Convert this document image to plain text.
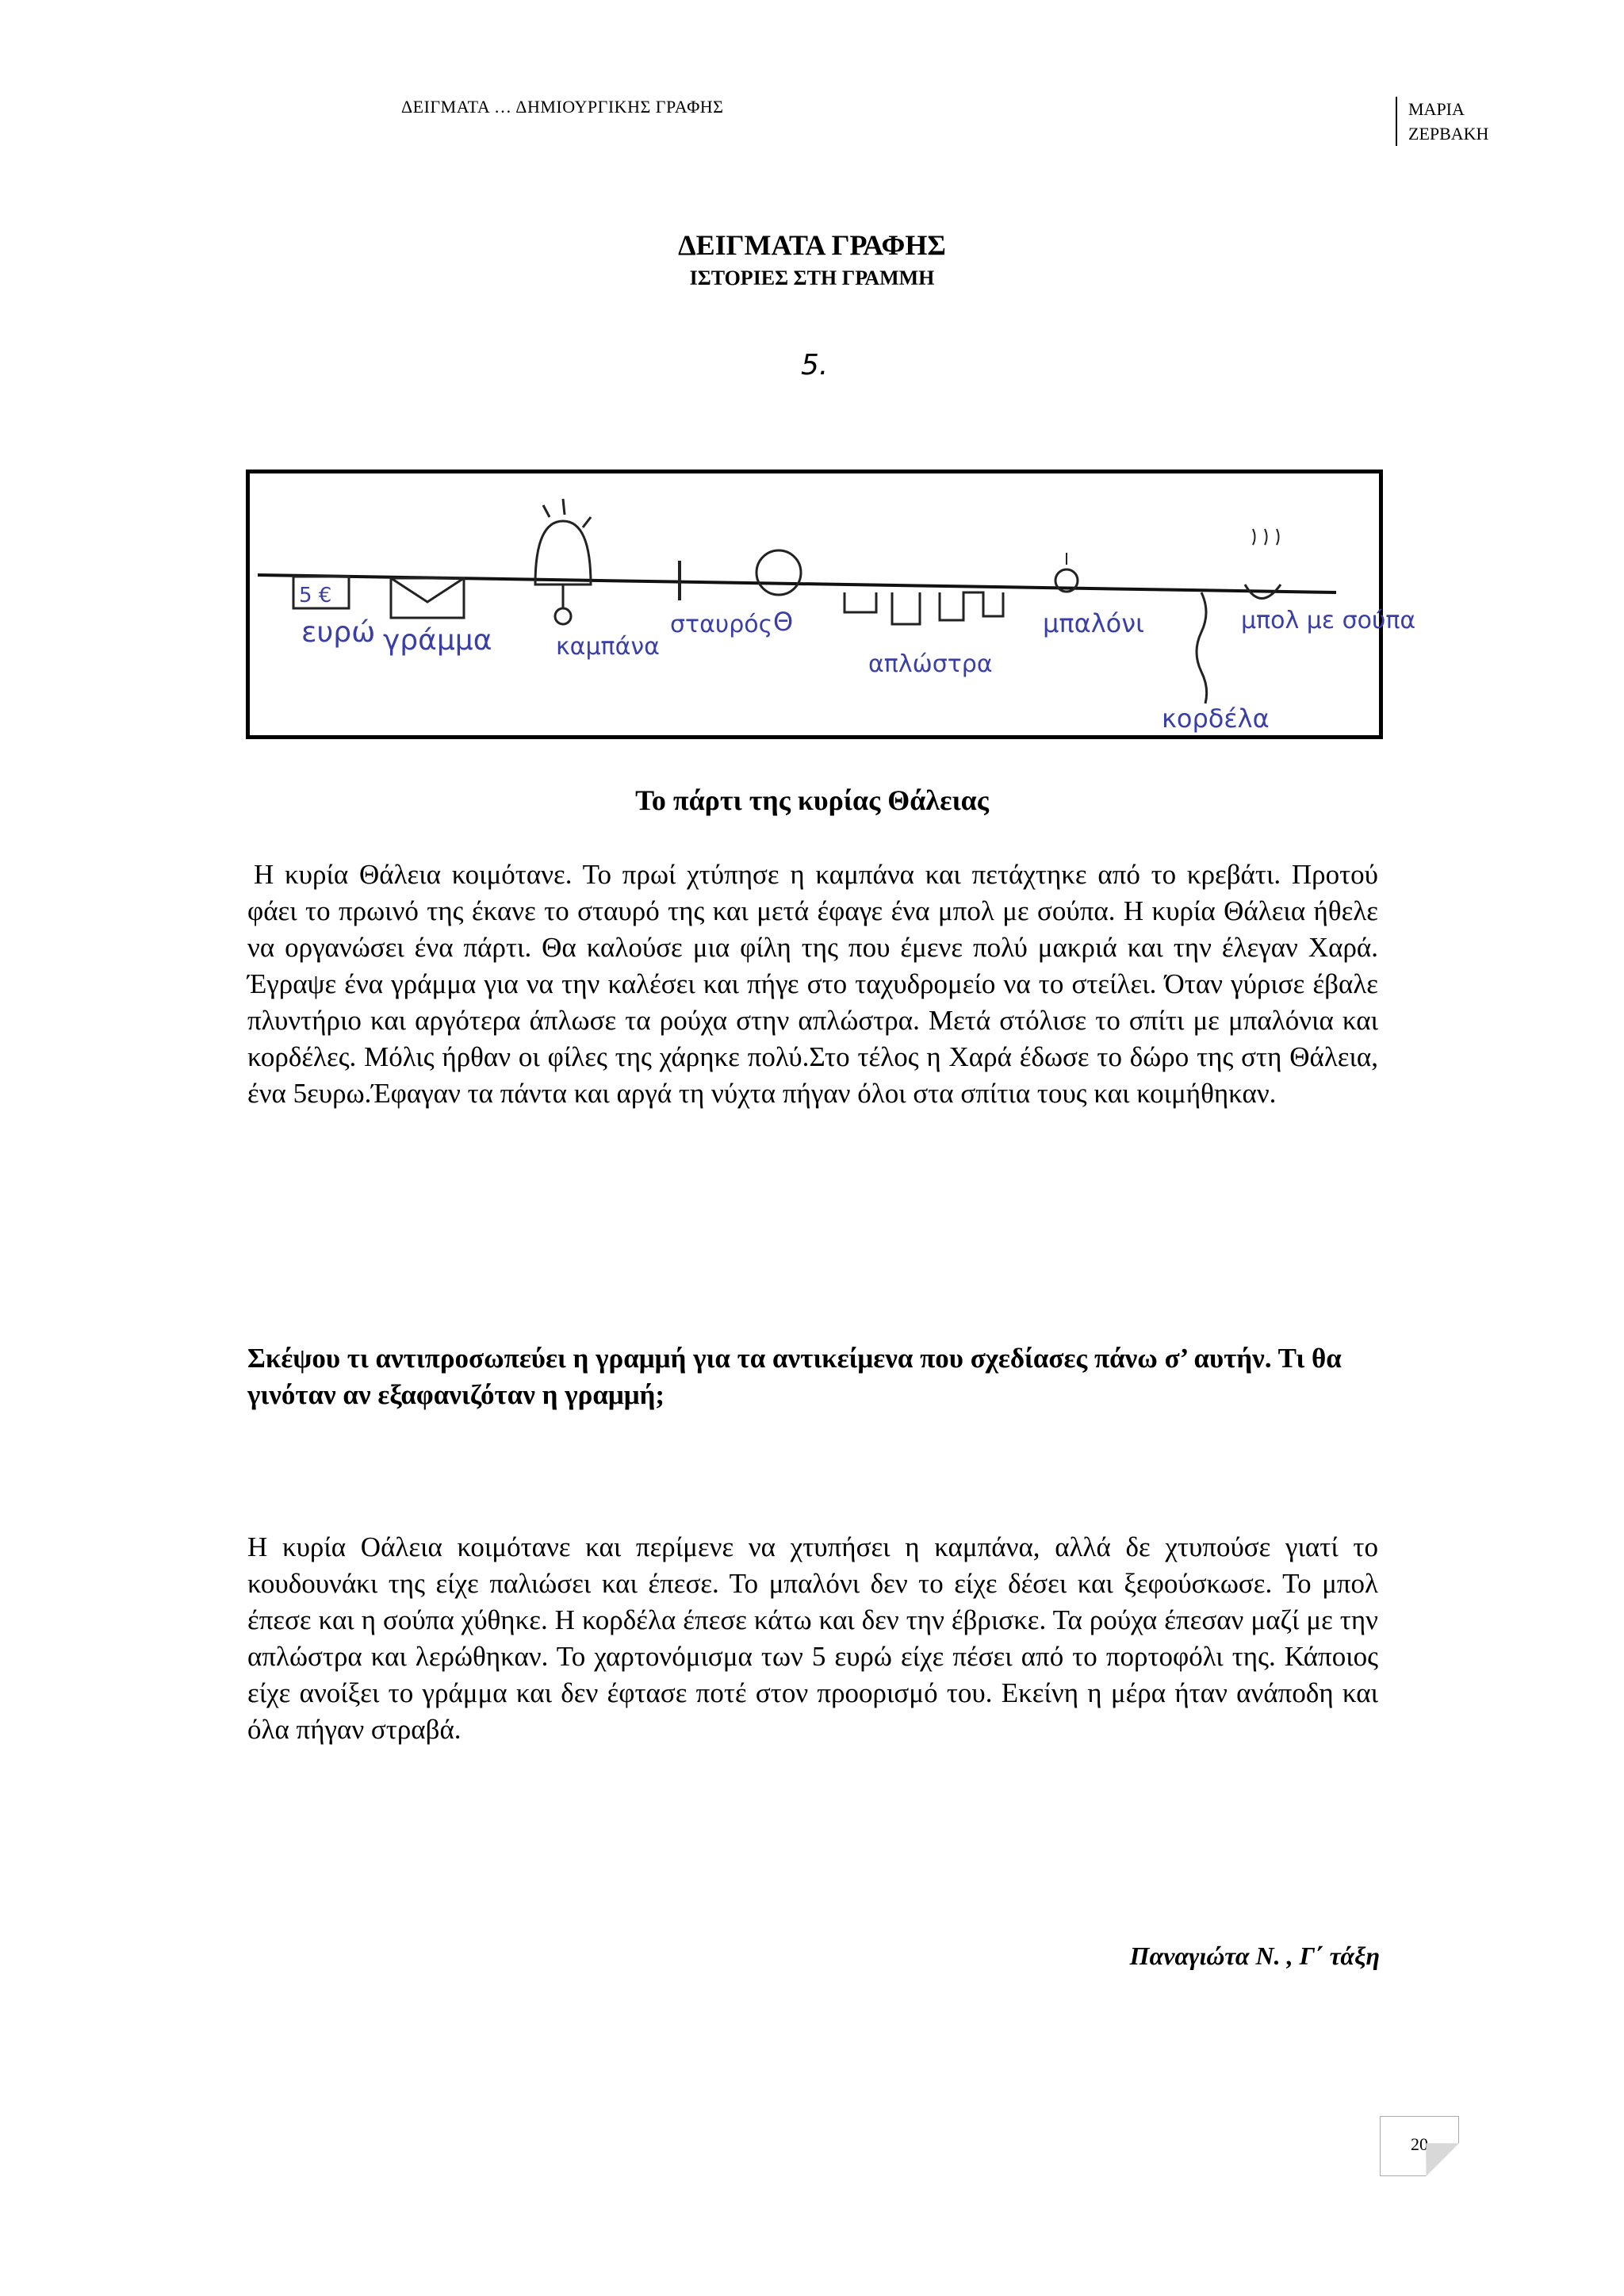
ΔΕΙΓΜΑΤΑ … ΔΗΜΙΟΥΡΓΙΚΗΣ ΓΡΑΦΗΣ	ΜΑΡΙΑ
ΖΕΡΒΑΚΗ
ΔΕΙΓΜΑΤΑ ΓΡΑΦΗΣ
ΙΣΤΟΡΙΕΣ ΣΤΗ ΓΡΑΜΜΗ
5.
5 €
ευρώ γράμμα	καμπάνα
σταυρός Θ
απλώστρα
μπαλόνι
κορδέλα
μπολ με σούπα
Το πάρτι της κυρίας Θάλειας
Η κυρία Θάλεια κοιμότανε. Το πρωί χτύπησε η καμπάνα και πετάχτηκε από το κρεβάτι. Προτού φάει το πρωινό της έκανε το σταυρό της και μετά έφαγε ένα μπολ με σούπα. Η κυρία Θάλεια ήθελε να οργανώσει ένα πάρτι. Θα καλούσε μια φίλη της που έμενε πολύ μακριά και την έλεγαν Χαρά. Έγραψε ένα γράμμα για να την καλέσει και πήγε στο ταχυδρομείο να το στείλει. Όταν γύρισε έβαλε πλυντήριο και αργότερα άπλωσε τα ρούχα στην απλώστρα. Μετά στόλισε το σπίτι με μπαλόνια και κορδέλες. Μόλις ήρθαν οι φίλες της χάρηκε πολύ.Στο τέλος η Χαρά έδωσε το δώρο της στη Θάλεια, ένα 5ευρω.Έφαγαν τα πάντα και αργά τη νύχτα πήγαν όλοι στα σπίτια τους και κοιμήθηκαν.
Σκέψου τι αντιπροσωπεύει η γραμμή για τα αντικείμενα που σχεδίασες πάνω σ’ αυτήν. Τι θα γινόταν αν εξαφανιζόταν η γραμμή;
Η κυρία Οάλεια κοιμότανε και περίμενε να χτυπήσει η καμπάνα, αλλά δε χτυπούσε γιατί το κουδουνάκι της είχε παλιώσει και έπεσε. Το μπαλόνι δεν το είχε δέσει και ξεφούσκωσε. Το μπολ έπεσε και η σούπα χύθηκε. Η κορδέλα έπεσε κάτω και δεν την έβρισκε. Τα ρούχα έπεσαν μαζί με την απλώστρα και λερώθηκαν. Το χαρτονόμισμα των 5 ευρώ είχε πέσει από το πορτοφόλι της. Κάποιος είχε ανοίξει το γράμμα και δεν έφτασε ποτέ στον προορισμό του. Εκείνη η μέρα ήταν ανάποδη και όλα πήγαν στραβά.
Παναγιώτα Ν. , Γ΄ τάξη
20
